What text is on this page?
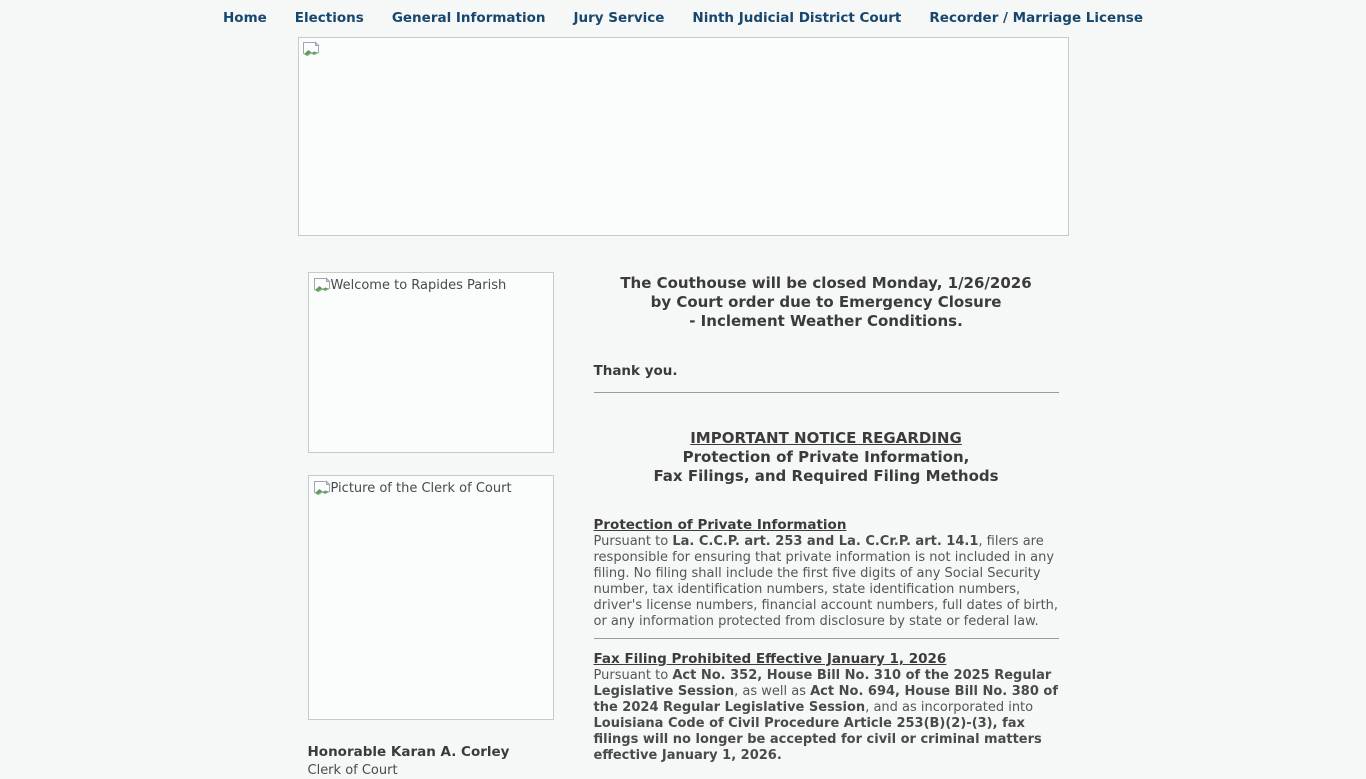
Home Elections General Information Jury Service Ninth Judicial District Court Recorder / Marriage License
Welcome to Rapides Parish
Picture of the Clerk of Court
Honorable Karan A. Corley
Clerk of Court
The Couthouse will be closed Monday, 1/26/2026
by Court order due to Emergency Closure
- Inclement Weather Conditions.
Thank you.
IMPORTANT NOTICE REGARDING
Protection of Private Information,
Fax Filings, and Required Filing Methods
Protection of Private Information

Pursuant to La. C.C.P. art. 253 and La. C.Cr.P. art. 14.1, filers are responsible for ensuring that private information is not included in any filing. No filing shall include the first five digits of any Social Security number, tax identification numbers, state identification numbers, driver's license numbers, financial account numbers, full dates of birth, or any information protected from disclosure by state or federal law.

Fax Filing Prohibited Effective January 1, 2026

Pursuant to Act No. 352, House Bill No. 310 of the 2025 Regular Legislative Session, as well as Act No. 694, House Bill No. 380 of the 2024 Regular Legislative Session, and as incorporated into Louisiana Code of Civil Procedure Article 253(B)(2)-(3), fax filings will no longer be accepted for civil or criminal matters effective January 1, 2026.
